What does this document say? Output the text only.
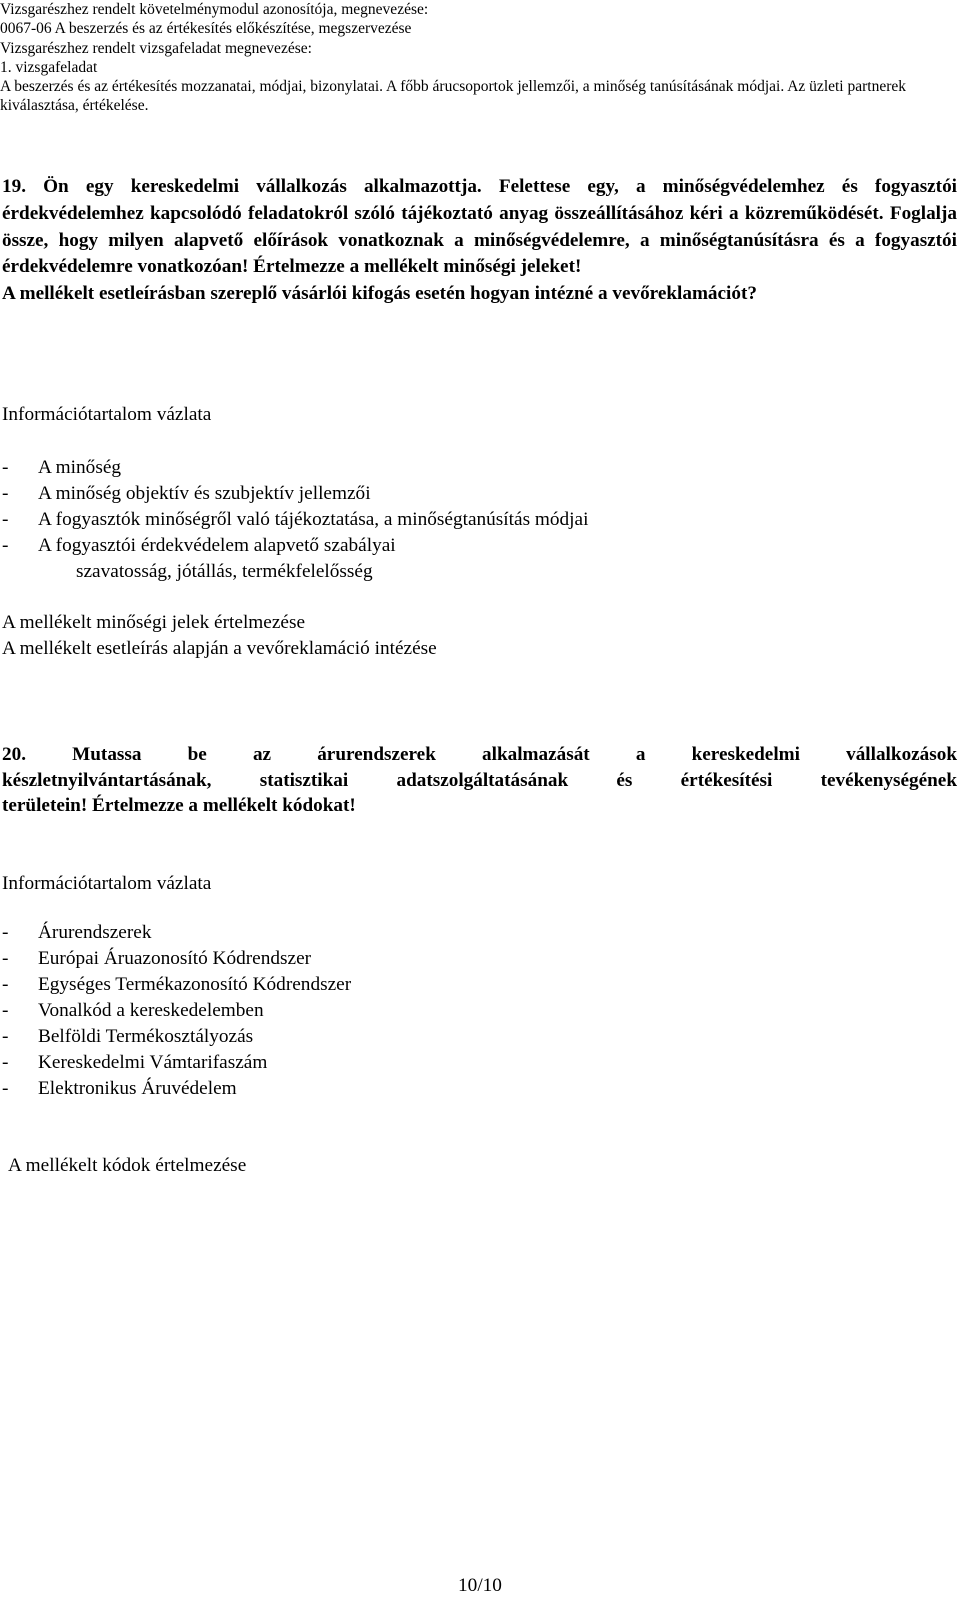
Vizsgarészhez rendelt követelménymodul azonosítója, megnevezése:
0067-06 A beszerzés és az értékesítés előkészítése, megszervezése
Vizsgarészhez rendelt vizsgafeladat megnevezése:
1. vizsgafeladat
A beszerzés és az értékesítés mozzanatai, módjai, bizonylatai. A főbb árucsoportok jellemzői, a minőség tanúsításának módjai. Az üzleti partnerek kiválasztása, értékelése.

19. Ön egy kereskedelmi vállalkozás alkalmazottja. Felettese egy, a minőségvédelemhez és fogyasztói érdekvédelemhez kapcsolódó feladatokról szóló tájékoztató anyag összeállításához kéri a közreműködését. Foglalja össze, hogy milyen alapvető előírások vonatkoznak a minőségvédelemre, a minőségtanúsításra és a fogyasztói érdekvédelemre vonatkozóan! Értelmezze a mellékelt minőségi jeleket!

A mellékelt esetleírásban szereplő vásárlói kifogás esetén hogyan intézné a vevőreklamációt?

Információtartalom vázlata
- A minőség
- A minőség objektív és szubjektív jellemzői
- A fogyasztók minőségről való tájékoztatása, a minőségtanúsítás módjai
- A fogyasztói érdekvédelem alapvető szabályai
szavatosság, jótállás, termékfelelősség
A mellékelt minőségi jelek értelmezése
A mellékelt esetleírás alapján a vevőreklamáció intézése
20. Mutassa be az árurendszerek alkalmazását a kereskedelmi vállalkozások
készletnyilvántartásának, statisztikai adatszolgáltatásának és értékesítési tevékenységének
területein! Értelmezze a mellékelt kódokat!
Információtartalom vázlata
- Árurendszerek
- Európai Áruazonosító Kódrendszer
- Egységes Termékazonosító Kódrendszer
- Vonalkód a kereskedelemben
- Belföldi Termékosztályozás
- Kereskedelmi Vámtarifaszám
- Elektronikus Áruvédelem
A mellékelt kódok értelmezése
10/10
